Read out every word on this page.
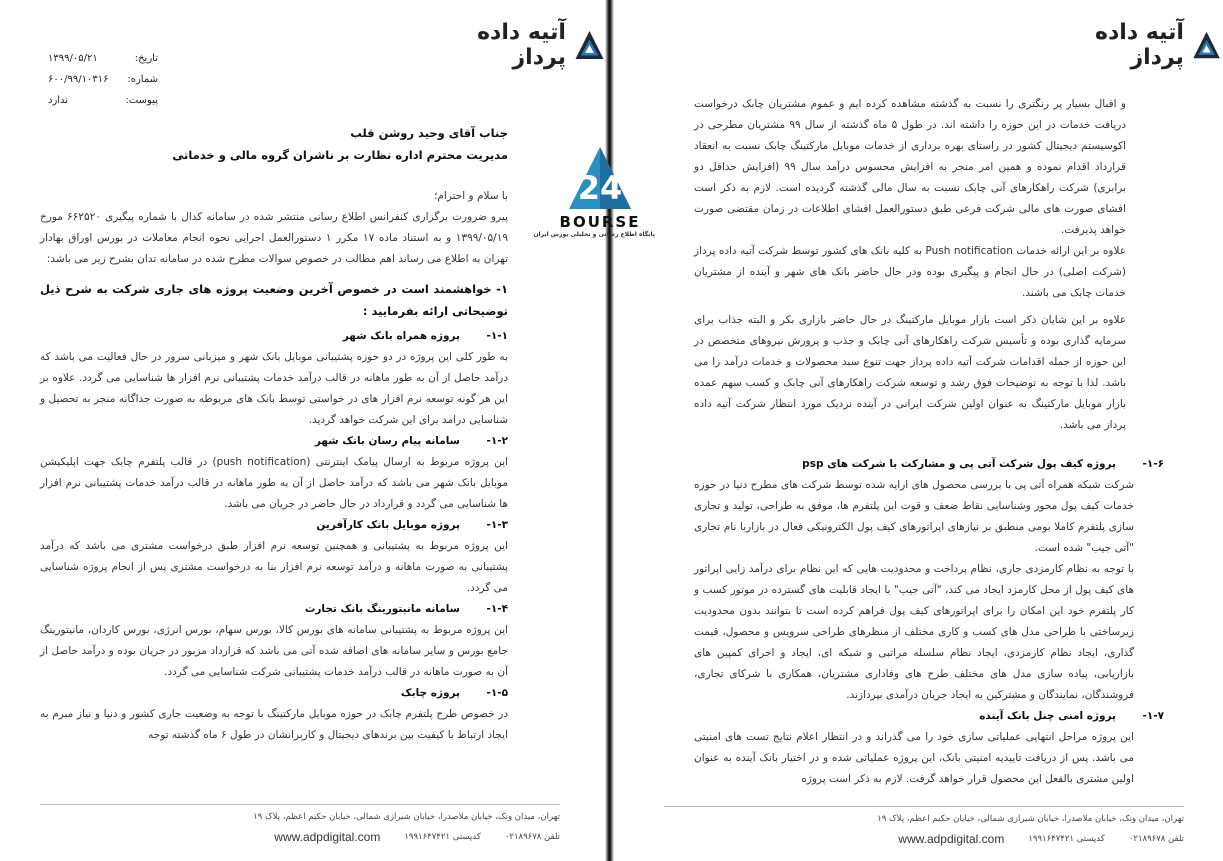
آتیه داده پرداز
تاریخ:
۱۳۹۹/۰۵/۲۱
شماره:
۶۰۰/۹۹/۱۰۳۱۶
پیوست:
ندارد
جناب آقای وحید روشن قلب
مدیریت محترم اداره نظارت بر ناشران گروه مالی و خدماتی
با سلام و احترام؛
پیرو ضرورت برگزاری کنفرانس اطلاع رسانی منتشر شده در سامانه کدال با شماره پیگیری ۶۶۲۵۲۰ مورخ ۱۳۹۹/۰۵/۱۹ و به استناد ماده ۱۷ مکرر ۱ دستورالعمل اجرایی نحوه انجام معاملات در بورس اوراق بهادار تهران به اطلاع می رساند اهم مطالب در خصوص سوالات مطرح شده در سامانه تدان بشرح زیر می باشد:
۱- خواهشمند است در خصوص آخرین وضعیت پروژه های جاری شرکت به شرح ذیل توضیحاتی ارائه بفرمایید :
۱-۱-
پروژه همراه بانک شهر
به طور کلی این پروژه در دو حوزه پشتیبانی موبایل بانک شهر و میزبانی سرور در حال فعالیت می باشد که درآمد حاصل از آن به طور ماهانه در قالب درآمد خدمات پشتیبانی نرم افزار ها شناسایی می گردد. علاوه بر این هر گونه توسعه نرم افزار های در خواستی توسط بانک های مربوطه به صورت جداگانه منجر به تحصیل و شناسایی درامد برای این شرکت خواهد گردید.
۱-۲-
سامانه پیام رسان بانک شهر
این پروژه مربوط به ارسال پیامک اینترنتی (push notification) در قالب پلتفرم چابک جهت اپلیکیشن موبایل بانک شهر می باشد که درآمد حاصل از آن به طور ماهانه در قالب درآمد خدمات پشتیبانی نرم افزار ها شناسایی می گردد و قرارداد در حال حاضر در جریان می باشد.
۱-۳-
پروژه موبایل بانک کارآفرین
این پروژه مربوط به پشتیبانی و همچنین توسعه نرم افزار طبق درخواست مشتری می باشد که درآمد پشتیبانی به صورت ماهانه و درآمد توسعه نرم افزار بنا به درخواست مشتری پس از انجام پروژه شناسایی می گردد.
۱-۴-
سامانه مانیتورینگ بانک تجارت
این پروژه مربوط به پشتیبانی سامانه های بورس کالا، بورس سهام، بورس انرژی، بورس کاردان، مانیتورینگ جامع بورس و سایر سامانه های اضافه شده آتی می باشد که قرارداد مزبور در جریان بوده و درآمد حاصل از آن به صورت ماهانه در قالب درآمد خدمات پشتیبانی شرکت شناسایی می گردد.
۱-۵-
پروژه چابک
در خصوص طرح پلتفرم چابک در حوزه موبایل مارکتینگ با توجه به وضعیت جاری کشور و دنیا و نیاز مبرم به ایجاد ارتباط با کیفیت بین برندهای دیجیتال و کاربرانشان در طول ۶ ماه گذشته توجه
تهران، میدان ونک، خیابان ملاصدرا، خیابان شیرازی شمالی، خیابان حکیم اعظم، پلاک ۱۹
تلفن ۰۲۱۸۹۶۷۸
کدپستی ۱۹۹۱۶۴۷۴۲۱
www.adpdigital.com
آتیه داده پرداز
و اقبال بسیار پر رنگتری را نسبت به گذشته مشاهده کرده ایم و عموم مشتریان چابک درخواست دریافت خدمات در این حوزه را داشته اند. در طول ۵ ماه گذشته از سال ۹۹ مشتریان مطرحی در اکوسیستم دیجیتال کشور در راستای بهره برداری از خدمات موبایل مارکتینگ چابک نسبت به انعقاد قرارداد اقدام نموده و همین امر منجر به افزایش محسوس درآمد سال ۹۹ (افزایش حداقل دو برابری) شرکت راهکارهای آنی چابک نسبت به سال مالی گذشته گردیده است. لازم به ذکر است افشای صورت های مالی شرکت فرعی طبق دستورالعمل افشای اطلاعات در زمان مقتضی صورت خواهد پذیرفت.
علاوه بر این ارائه خدمات Push notification به کلیه بانک های کشور توسط شرکت آتیه داده پرداز (شرکت اصلی) در حال انجام و پیگیری بوده ودر حال حاضر بانک های شهر و آینده از مشتریان خدمات چابک می باشند.
علاوه بر این شایان ذکر است بازار موبایل مارکتینگ در حال حاضر بازاری بکر و البته جذاب برای سرمایه گذاری بوده و تأسیس شرکت راهکارهای آنی چابک و جذب و پرورش نیروهای متخصص در این حوزه از جمله اقدامات شرکت آتیه داده پرداز جهت تنوع سبد محصولات و خدمات درآمد زا می باشد. لذا با توجه به توضیحات فوق رشد و توسعه شرکت راهکارهای آنی چابک و کسب سهم عمده بازار موبایل مارکتینگ به عنوان اولین شرکت ایرانی در آینده نزدیک مورد انتظار شرکت آتیه داده پرداز می باشد.
۱-۶-
پروژه کیف پول شرکت آتی پی و مشارکت با شرکت های psp
شرکت شبکه همراه آتی پی با بررسی محصول های ارایه شده توسط شرکت های مطرح دنیا در حوزه خدمات کیف پول محور وشناسایی نقاط ضعف و قوت این پلتفرم ها، موفق به طراحی، تولید و تجاری سازی پلتفرم کاملا بومی منطبق بر نیازهای اپراتورهای کیف پول الکترونیکی فعال در بازاربا نام تجاری "آتی جیب" شده است.
با توجه به نظام کارمزدی جاری، نظام پرداخت و محدودیت هایی که این نظام برای درآمد زایی اپراتور های کیف پول از محل کارمزد ایجاد می کند، "آتی جیب" با ایجاد قابلیت های گسترده در موتور کسب و کار پلتفرم خود این امکان را برای اپراتورهای کیف پول فراهم کرده است تا بتوانند بدون محدودیت زیرساختی با طراحی مدل های کسب و کاری مختلف از منظرهای طراحی سرویس و محصول، قیمت گذاری، ایجاد نظام کارمزدی، ایجاد نظام سلسله مراتبی و شبکه ای، ایجاد و اجرای کمپین های بازاریابی، پیاده سازی مدل های مختلف طرح های وفاداری مشتریان، همکاری با شرکای تجاری، فروشندگان، نمایندگان و مشترکین به ایجاد جریان درآمدی بپردازند.
۱-۷-
پروژه امنی چنل بانک آینده
این پروژه مراحل انتهایی عملیاتی سازی خود را می گذراند و در انتظار اعلام نتایج تست های امنیتی می باشد. پس از دریافت تاییدیه امنیتی بانک، این پروژه عملیاتی شده و در اختیار بانک آینده به عنوان اولین مشتری بالفعل این محصول قرار خواهد گرفت. لازم به ذکر است پروژه
تهران، میدان ونک، خیابان ملاصدرا، خیابان شیرازی شمالی، خیابان حکیم اعظم، پلاک ۱۹
تلفن ۰۲۱۸۹۶۷۸
کدپستی ۱۹۹۱۶۴۷۴۲۱
www.adpdigital.com
24
BOURSE
پایگاه اطلاع رسانی و تحلیلی بورس ایران
